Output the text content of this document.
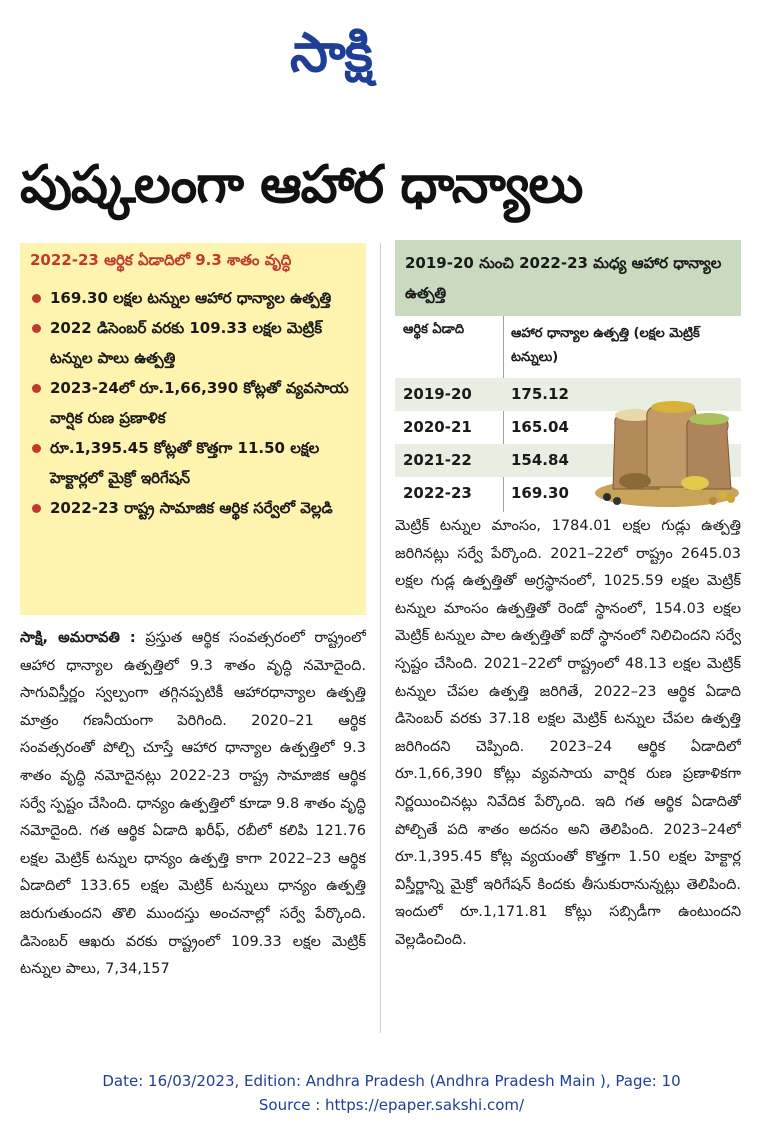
సాక్షి
పుష్కలంగా ఆహార ధాన్యాలు
2022-23 ఆర్థిక ఏడాదిలో 9.3 శాతం వృద్ధి
169.30 లక్షల టన్నుల ఆహార ధాన్యాల ఉత్పత్తి
2022 డిసెంబర్ వరకు 109.33 లక్షల మెట్రిక్ టన్నుల పాలు ఉత్పత్తి
2023-24లో రూ.1,66,390 కోట్లతో వ్యవసాయ వార్షిక రుణ ప్రణాళిక
రూ.1,395.45 కోట్లతో కొత్తగా 11.50 లక్షల హెక్టార్లలో మైక్రో ఇరిగేషన్
2022-23 రాష్ట్ర సామాజిక ఆర్థిక సర్వేలో వెల్లడి
2019-20 నుంచి 2022-23 మధ్య ఆహార ధాన్యాల ఉత్పత్తి
ఆర్థిక ఏడాది	ఆహార ధాన్యాల ఉత్పత్తి (లక్షల మెట్రిక్ టన్నులు)
2019-20	175.12
2020-21	165.04
2021-22	154.84
2022-23	169.30
సాక్షి, అమరావతి : ప్రస్తుత ఆర్థిక సంవత్సరంలో రాష్ట్రంలో ఆహార ధాన్యాల ఉత్పత్తిలో 9.3 శాతం వృద్ధి నమోదైంది. సాగువిస్తీర్ణం స్వల్పంగా తగ్గినప్పటికీ ఆహారధాన్యాల ఉత్పత్తి మాత్రం గణనీయంగా పెరిగింది. 2020–21 ఆర్థిక సంవత్సరంతో పోల్చి చూస్తే ఆహార ధాన్యాల ఉత్పత్తిలో 9.3 శాతం వృద్ధి నమోదైనట్లు 2022-23 రాష్ట్ర సామాజిక ఆర్థిక సర్వే స్పష్టం చేసింది. ధాన్యం ఉత్పత్తిలో కూడా 9.8 శాతం వృద్ధి నమోదైంది. గత ఆర్థిక ఏడాది ఖరీఫ్, రబీలో కలిపి 121.76 లక్షల మెట్రిక్ టన్నుల ధాన్యం ఉత్పత్తి కాగా 2022–23 ఆర్థిక ఏడాదిలో 133.65 లక్షల మెట్రిక్ టన్నులు ధాన్యం ఉత్పత్తి జరుగుతుందని తొలి ముందస్తు అంచనాల్లో సర్వే పేర్కొంది. డిసెంబర్ ఆఖరు వరకు రాష్ట్రంలో 109.33 లక్షల మెట్రిక్ టన్నుల పాలు, 7,34,157
మెట్రిక్ టన్నుల మాంసం, 1784.01 లక్షల గుడ్లు ఉత్పత్తి జరిగినట్లు సర్వే పేర్కొంది. 2021–22లో రాష్ట్రం 2645.03 లక్షల గుడ్ల ఉత్పత్తితో అగ్రస్థానంలో, 1025.59 లక్షల మెట్రిక్ టన్నుల మాంసం ఉత్పత్తితో రెండో స్థానంలో, 154.03 లక్షల మెట్రిక్ టన్నుల పాల ఉత్పత్తితో ఐదో స్థానంలో నిలిచిందని సర్వే స్పష్టం చేసింది. 2021–22లో రాష్ట్రంలో 48.13 లక్షల మెట్రిక్ టన్నుల చేపల ఉత్పత్తి జరిగితే, 2022–23 ఆర్థిక ఏడాది డిసెంబర్ వరకు 37.18 లక్షల మెట్రిక్ టన్నుల చేపల ఉత్పత్తి జరిగిందని చెప్పింది. 2023–24 ఆర్థిక ఏడాదిలో రూ.1,66,390 కోట్లు వ్యవసాయ వార్షిక రుణ ప్రణాళికగా నిర్ణయించినట్లు నివేదిక పేర్కొంది. ఇది గత ఆర్థిక ఏడాదితో పోల్చితే పది శాతం అదనం అని తెలిపింది. 2023–24లో రూ.1,395.45 కోట్ల వ్యయంతో కొత్తగా 1.50 లక్షల హెక్టార్ల విస్తీర్ణాన్ని మైక్రో ఇరిగేషన్ కిందకు తీసుకురానున్నట్లు తెలిపింది. ఇందులో రూ.1,171.81 కోట్లు సబ్సిడీగా ఉంటుందని వెల్లడించింది.
Date: 16/03/2023, Edition: Andhra Pradesh (Andhra Pradesh Main ), Page: 10
Source : https://epaper.sakshi.com/
